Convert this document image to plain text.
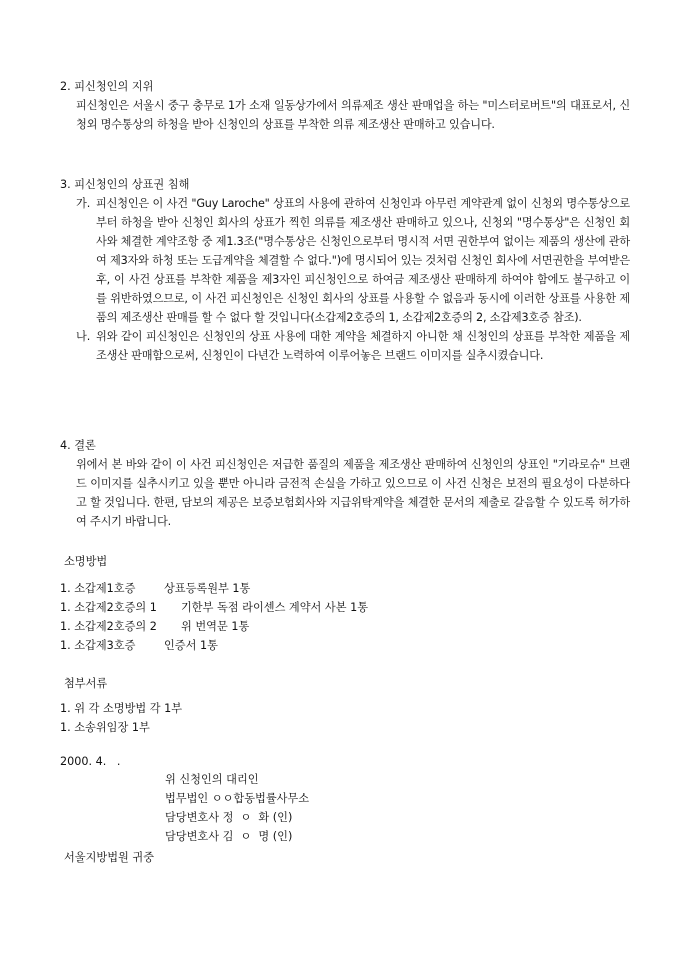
2. 피신청인의 지위
피신청인은 서울시 중구 충무로 1가 소재 일동상가에서 의류제조 생산 판매업을 하는 "미스터로버트"의 대표로서, 신청외 명수통상의 하청을 받아 신청인의 상표를 부착한 의류 제조생산 판매하고 있습니다.
3. 피신청인의 상표권 침해
가. 피신청인은 이 사건 "Guy Laroche" 상표의 사용에 관하여 신청인과 아무런 계약관계 없이 신청외 명수통상으로부터 하청을 받아 신청인 회사의 상표가 찍힌 의류를 제조생산 판매하고 있으나, 신청외 "명수통상"은 신청인 회사와 체결한 계약조항 중 제1.3조("명수통상은 신청인으로부터 명시적 서면 권한부여 없이는 제품의 생산에 관하여 제3자와 하청 또는 도급계약을 체결할 수 없다.")에 명시되어 있는 것처럼 신청인 회사에 서면권한을 부여받은 후, 이 사건 상표를 부착한 제품을 제3자인 피신청인으로 하여금 제조생산 판매하게 하여야 함에도 불구하고 이를 위반하였으므로, 이 사건 피신청인은 신청인 회사의 상표를 사용할 수 없음과 동시에 이러한 상표를 사용한 제품의 제조생산 판매를 할 수 없다 할 것입니다(소갑제2호증의 1, 소갑제2호증의 2, 소갑제3호증 참조).
나. 위와 같이 피신청인은 신청인의 상표 사용에 대한 계약을 체결하지 아니한 채 신청인의 상표를 부착한 제품을 제조생산 판매함으로써, 신청인이 다년간 노력하여 이루어놓은 브랜드 이미지를 실추시켰습니다.
4. 결론
위에서 본 바와 같이 이 사건 피신청인은 저급한 품질의 제품을 제조생산 판매하여 신청인의 상표인 "기라로슈" 브랜드 이미지를 실추시키고 있을 뿐만 아니라 금전적 손실을 가하고 있으므로 이 사건 신청은 보전의 필요성이 다분하다고 할 것입니다. 한편, 담보의 제공은 보증보험회사와 지급위탁계약을 체결한 문서의 제출로 갈음할 수 있도록 허가하여 주시기 바랍니다.
소명방법
1. 소갑제1호증	상표등록원부 1통
1. 소갑제2호증의 1	기한부 독점 라이센스 계약서 사본 1통
1. 소갑제2호증의 2	위 번역문 1통
1. 소갑제3호증	인증서 1통
첨부서류
1. 위 각 소명방법 각 1부
1. 소송위임장 1부
2000. 4.   .
위 신청인의 대리인
법무법인 ㅇㅇ합동법률사무소
담당변호사 정  ㅇ  화 (인)
담당변호사 김  ㅇ  명 (인)
서울지방법원 귀중
